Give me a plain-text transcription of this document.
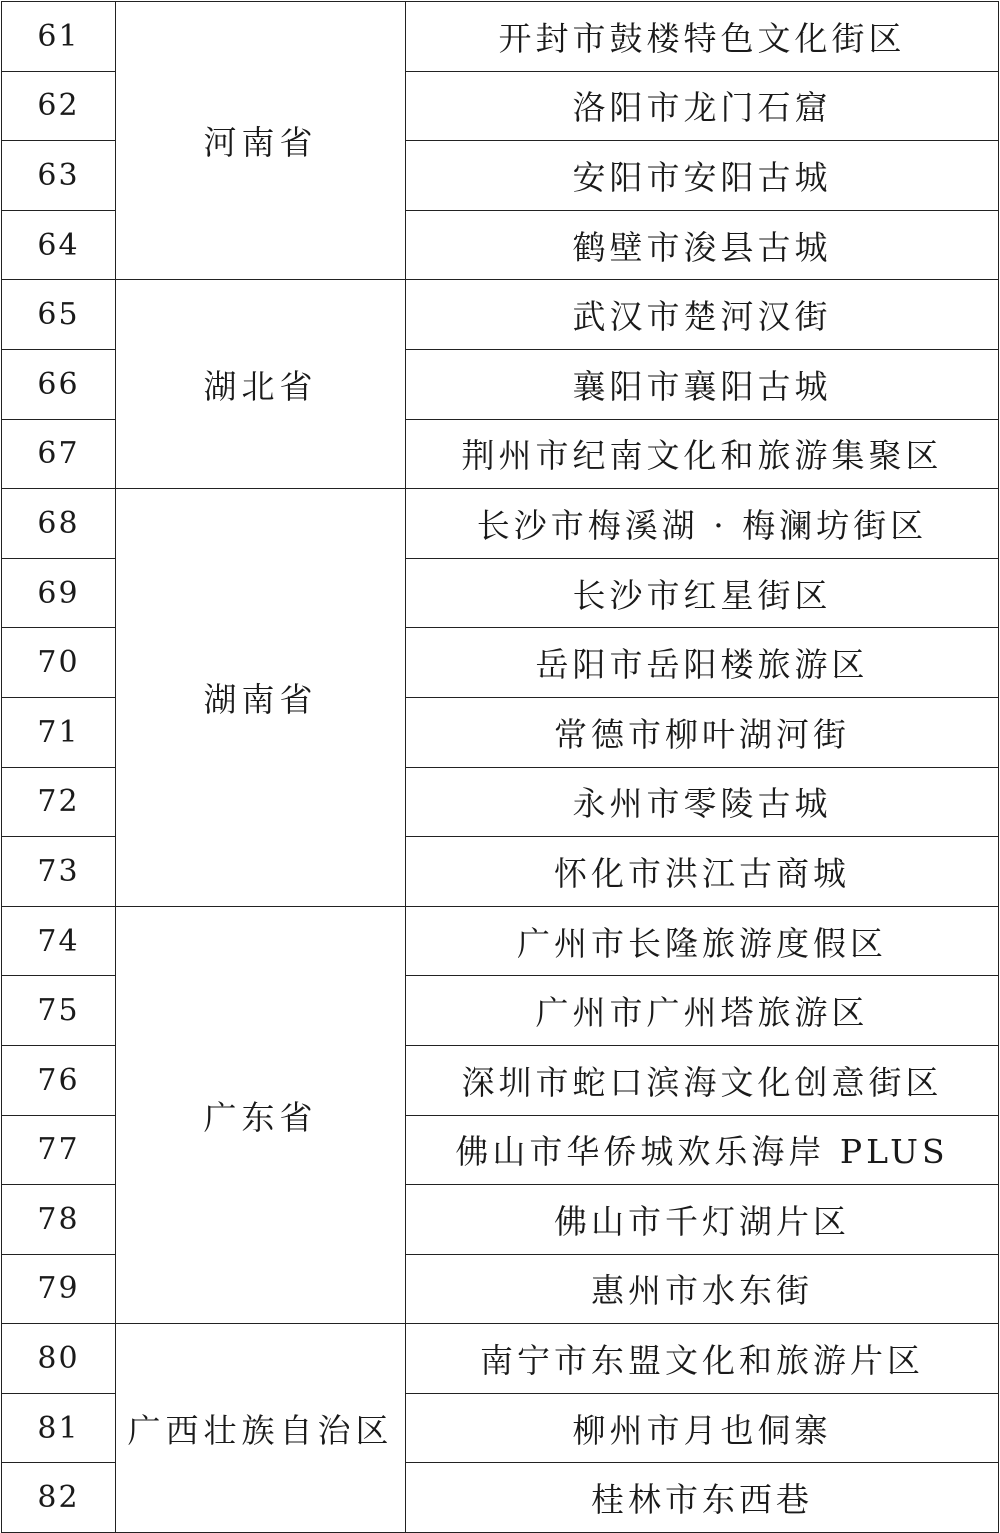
61	河南省	开封市鼓楼特色文化街区
62		洛阳市龙门石窟
63		安阳市安阳古城
64		鹤壁市浚县古城
65	湖北省	武汉市楚河汉街
66		襄阳市襄阳古城
67		荆州市纪南文化和旅游集聚区
68	湖南省	长沙市梅溪湖 · 梅澜坊街区
69		长沙市红星街区
70		岳阳市岳阳楼旅游区
71		常德市柳叶湖河街
72		永州市零陵古城
73		怀化市洪江古商城
74	广东省	广州市长隆旅游度假区
75		广州市广州塔旅游区
76		深圳市蛇口滨海文化创意街区
77		佛山市华侨城欢乐海岸 PLUS
78		佛山市千灯湖片区
79		惠州市水东街
80	广西壮族自治区	南宁市东盟文化和旅游片区
81		柳州市月也侗寨
82		桂林市东西巷
